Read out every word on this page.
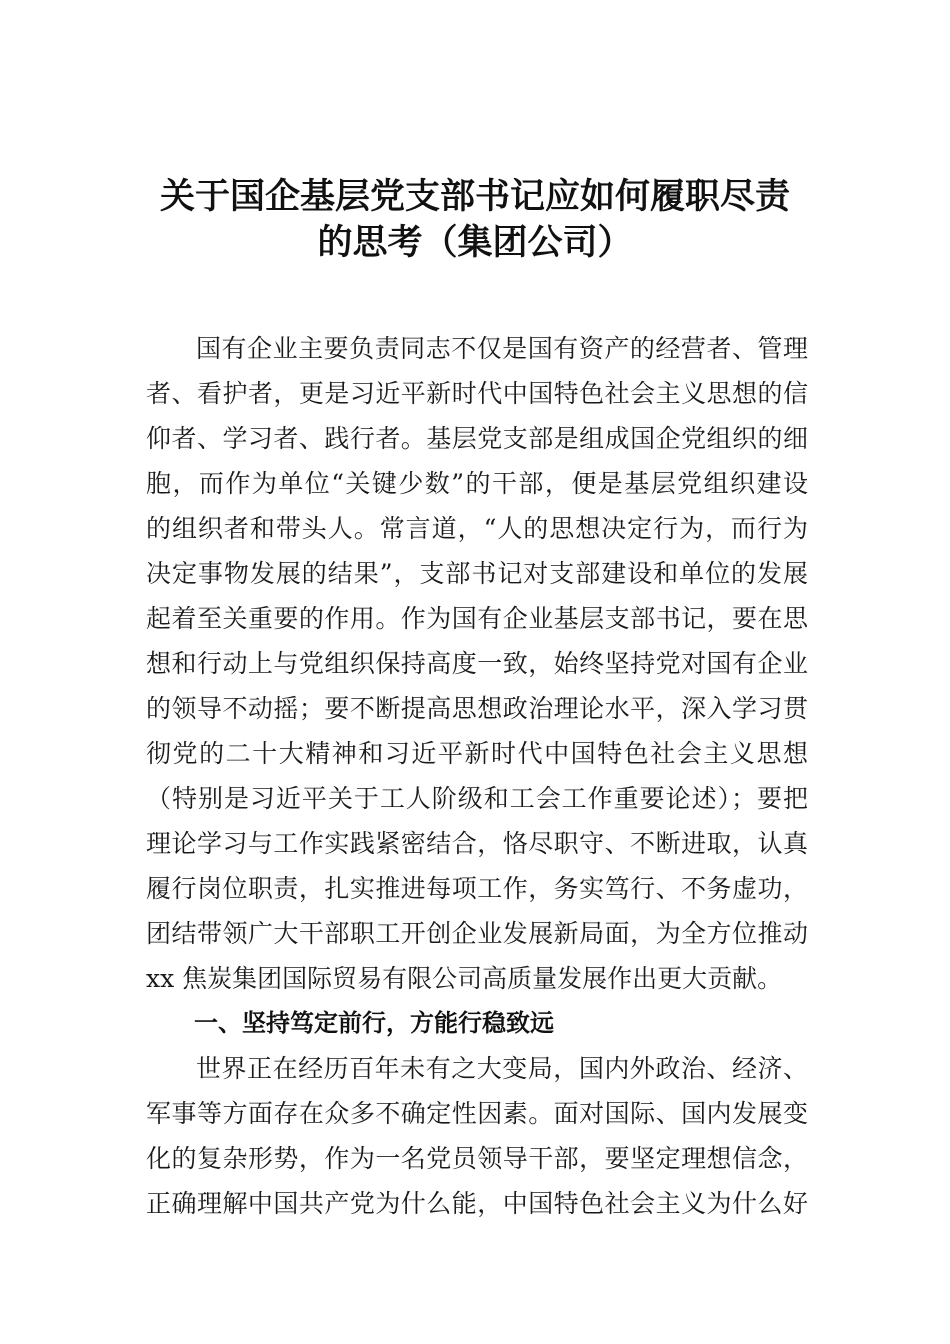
关于国企基层党支部书记应如何履职尽责
的思考（集团公司）
国有企业主要负责同志不仅是国有资产的经营者、管理
者、看护者，更是习近平新时代中国特色社会主义思想的信
仰者、学习者、践行者。基层党支部是组成国企党组织的细
胞，而作为单位“关键少数”的干部，便是基层党组织建设
的组织者和带头人。常言道，“人的思想决定行为，而行为
决定事物发展的结果”，支部书记对支部建设和单位的发展
起着至关重要的作用。作为国有企业基层支部书记，要在思
想和行动上与党组织保持高度一致，始终坚持党对国有企业
的领导不动摇；要不断提高思想政治理论水平，深入学习贯
彻党的二十大精神和习近平新时代中国特色社会主义思想
（特别是习近平关于工人阶级和工会工作重要论述）；要把
理论学习与工作实践紧密结合，恪尽职守、不断进取，认真
履行岗位职责，扎实推进每项工作，务实笃行、不务虚功，
团结带领广大干部职工开创企业发展新局面，为全方位推动
xx 焦炭集团国际贸易有限公司高质量发展作出更大贡献。
一、坚持笃定前行，方能行稳致远
世界正在经历百年未有之大变局，国内外政治、经济、
军事等方面存在众多不确定性因素。面对国际、国内发展变
化的复杂形势，作为一名党员领导干部，要坚定理想信念，
正确理解中国共产党为什么能，中国特色社会主义为什么好
